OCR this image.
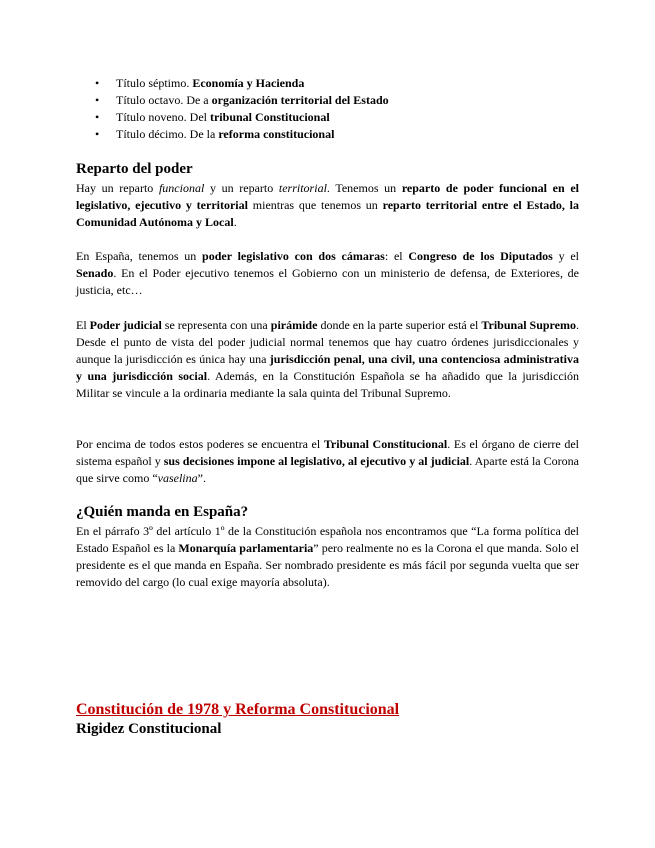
• Título séptimo. Economía y Hacienda
• Título octavo. De a organización territorial del Estado
• Título noveno. Del tribunal Constitucional
• Título décimo. De la reforma constitucional
Reparto del poder

Hay un reparto funcional y un reparto territorial. Tenemos un reparto de poder funcional en el legislativo, ejecutivo y territorial mientras que tenemos un reparto territorial entre el Estado, la Comunidad Autónoma y Local.

En España, tenemos un poder legislativo con dos cámaras: el Congreso de los Diputados y el Senado. En el Poder ejecutivo tenemos el Gobierno con un ministerio de defensa, de Exteriores, de justicia, etc…

El Poder judicial se representa con una pirámide donde en la parte superior está el Tribunal Supremo. Desde el punto de vista del poder judicial normal tenemos que hay cuatro órdenes jurisdiccionales y aunque la jurisdicción es única hay una jurisdicción penal, una civil, una contenciosa administrativa y una jurisdicción social. Además, en la Constitución Española se ha añadido que la jurisdicción Militar se vincule a la ordinaria mediante la sala quinta del Tribunal Supremo.

Por encima de todos estos poderes se encuentra el Tribunal Constitucional. Es el órgano de cierre del sistema español y sus decisiones impone al legislativo, al ejecutivo y al judicial. Aparte está la Corona que sirve como “vaselina”.

¿Quién manda en España?

En el párrafo 3º del artículo 1º de la Constitución española nos encontramos que “La forma política del Estado Español es la Monarquía parlamentaria” pero realmente no es la Corona el que manda. Solo el presidente es el que manda en España. Ser nombrado presidente es más fácil por segunda vuelta que ser removido del cargo (lo cual exige mayoría absoluta).

Constitución de 1978 y Reforma Constitucional
Rigidez Constitucional
